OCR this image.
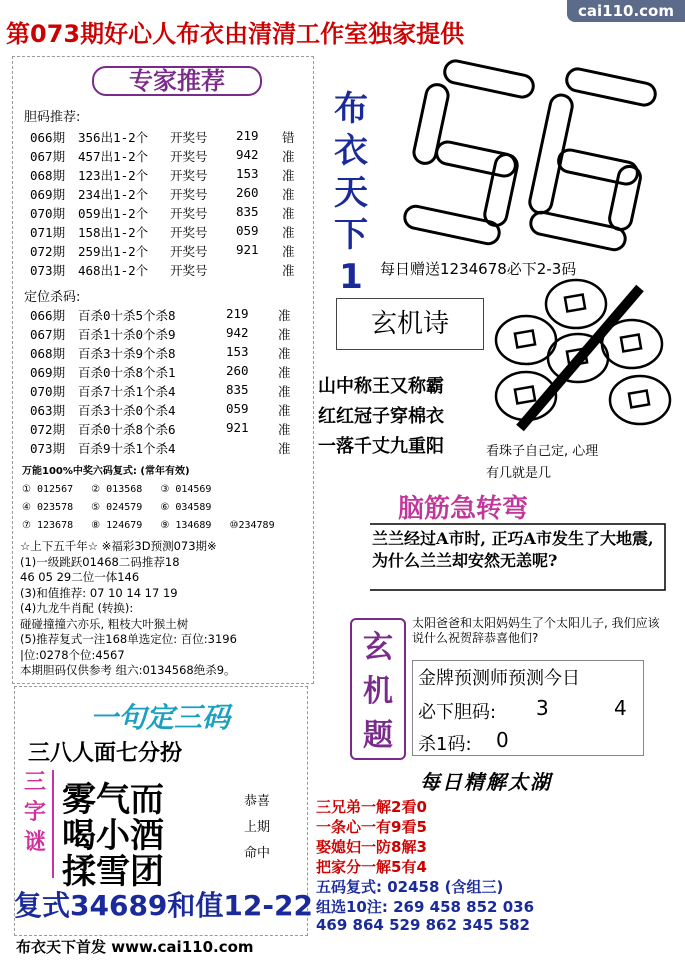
第073期好心人布衣由清清工作室独家提供
cai110.com
专家推荐
胆码推荐:
066期 356出1-2个 开奖号 219 错
067期 457出1-2个 开奖号 942 准
068期 123出1-2个 开奖号 153 准
069期 234出1-2个 开奖号 260 准
070期 059出1-2个 开奖号 835 准
071期 158出1-2个 开奖号 059 准
072期 259出1-2个 开奖号 921 准
073期 468出1-2个 开奖号	准
定位杀码:
066期 百杀0十杀5个杀8	219 准
067期 百杀1十杀0个杀9	942 准
068期 百杀3十杀9个杀8	153 准
069期 百杀0十杀8个杀1	260 准
070期 百杀7十杀1个杀4	835 准
063期 百杀3十杀0个杀4	059 准
072期 百杀0十杀8个杀6	921 准
073期 百杀9十杀1个杀4	准
万能100%中奖六码复式: (常年有效)
① 012567   ② 013568   ③ 014569
④ 023578   ⑤ 024579   ⑥ 034589
⑦ 123678   ⑧ 124679   ⑨ 134689   ⑩234789
☆上下五千年☆ ※福彩3D预测073期※
(1)一级跳跃01468二码推荐18
46 05 29二位一体146
(3)和值推荐: 07 10 14 17 19
(4)九龙牛肖配 (转换):
碰碰撞撞六亦乐, 粗枝大叶猴土树
(5)推荐复式一注168单选定位: 百位:3196
|位:0278个位:4567
本期胆码仅供参考 组六:0134568绝杀9。
布
衣
天
下
1
56
每日赠送1234678必下2-3码
玄机诗
山中称王又称霸
红红冠子穿棉衣
一落千丈九重阳	看珠子自己定, 心理
有几就是几
脑筋急转弯
兰兰经过A市时, 正巧A市发生了大地震, 为什么兰兰却安然无恙呢?
玄
机
题
太阳爸爸和太阳妈妈生了个太阳儿子, 我们应该说什么祝贺辞恭喜他们?
金牌预测师预测今日
必下胆码: 3	4
杀1码: 0
每日精解太湖
三兄弟一解2看0
一条心一有9看5
娶媳妇一防8解3
把家分一解5有4
五码复式: 02458 (含组三)
组选10注: 269 458 852 036
469 864 529 862 345 582
一句定三码
三八人面七分扮
三
字
谜
雾气而
喝小酒
揉雪团
恭喜
上期
命中
复式34689和值12-22
布衣天下首发 www.cai110.com
